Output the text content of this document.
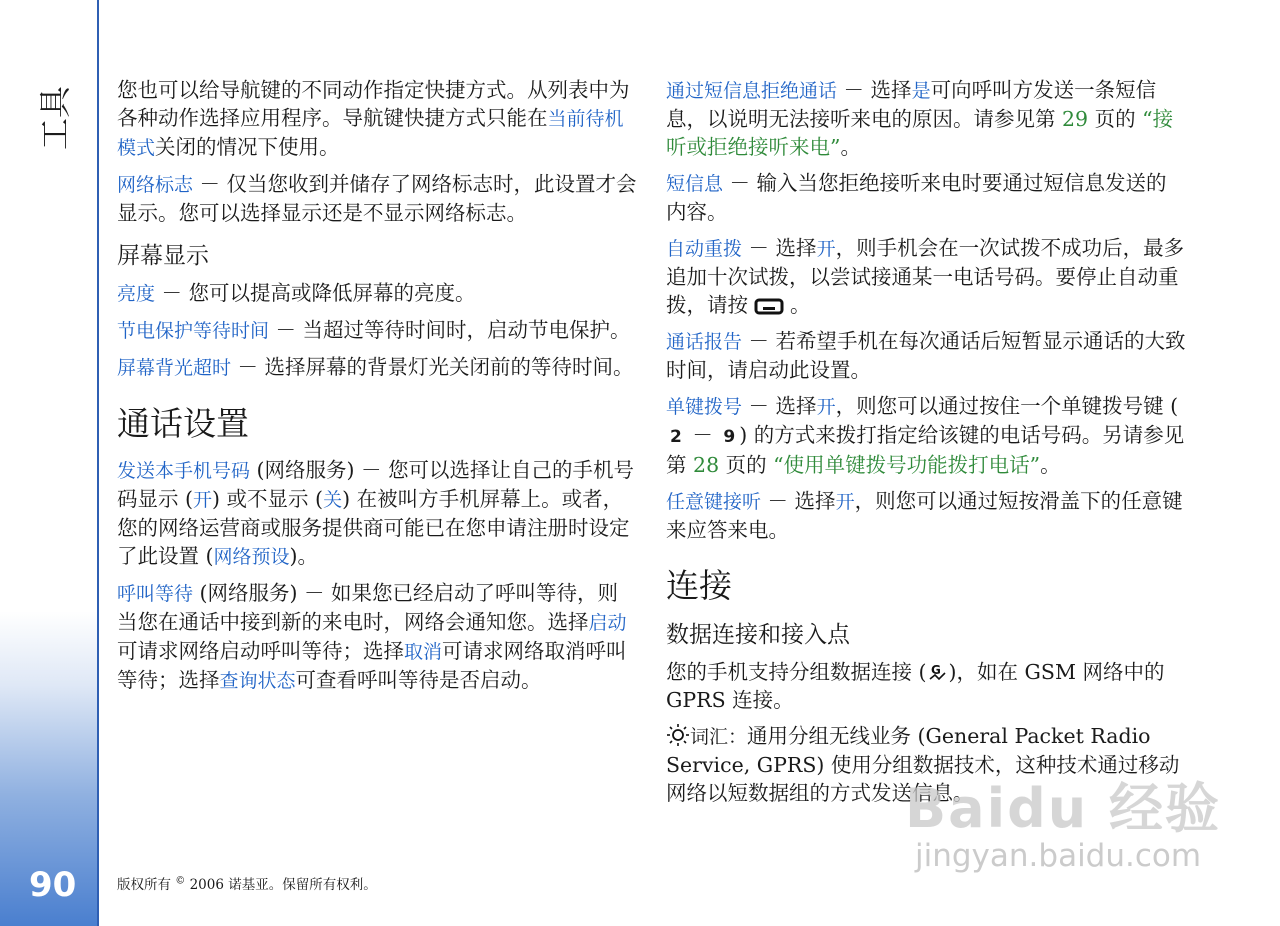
工具
90

您也可以给导航键的不同动作指定快捷方式。从列表中为各种动作选择应用程序。导航键快捷方式只能在当前待机模式关闭的情况下使用。

网络标志 － 仅当您收到并储存了网络标志时，此设置才会显示。您可以选择显示还是不显示网络标志。

屏幕显示

亮度 － 您可以提高或降低屏幕的亮度。

节电保护等待时间 － 当超过等待时间时，启动节电保护。

屏幕背光超时 － 选择屏幕的背景灯光关闭前的等待时间。

通话设置

发送本手机号码 (网络服务) － 您可以选择让自己的手机号码显示 (开) 或不显示 (关) 在被叫方手机屏幕上。或者，您的网络运营商或服务提供商可能已在您申请注册时设定了此设置 (网络预设)。

呼叫等待 (网络服务) － 如果您已经启动了呼叫等待，则当您在通话中接到新的来电时，网络会通知您。选择启动可请求网络启动呼叫等待；选择取消可请求网络取消呼叫等待；选择查询状态可查看呼叫等待是否启动。

通过短信息拒绝通话 － 选择是可向呼叫方发送一条短信息，以说明无法接听来电的原因。请参见第 29 页的 “接听或拒绝接听来电”。

短信息 － 输入当您拒绝接听来电时要通过短信息发送的内容。

自动重拨 － 选择开，则手机会在一次试拨不成功后，最多追加十次试拨，以尝试接通某一电话号码。要停止自动重拨，请按 。

通话报告 － 若希望手机在每次通话后短暂显示通话的大致时间，请启动此设置。

单键拨号 － 选择开，则您可以通过按住一个单键拨号键 (2 － 9 ) 的方式来拨打指定给该键的电话号码。另请参见第 28 页的 “使用单键拨号功能拨打电话”。

任意键接听 － 选择开，则您可以通过短按滑盖下的任意键来应答来电。

连接
数据连接和接入点

您的手机支持分组数据连接 ( G )，如在 GSM 网络中的 GPRS 连接。

词汇：通用分组无线业务 (General Packet Radio Service, GPRS) 使用分组数据技术，这种技术通过移动网络以短数据组的方式发送信息。

版权所有 © 2006 诺基亚。保留所有权利。
Baidu 经验
jingyan.baidu.com
